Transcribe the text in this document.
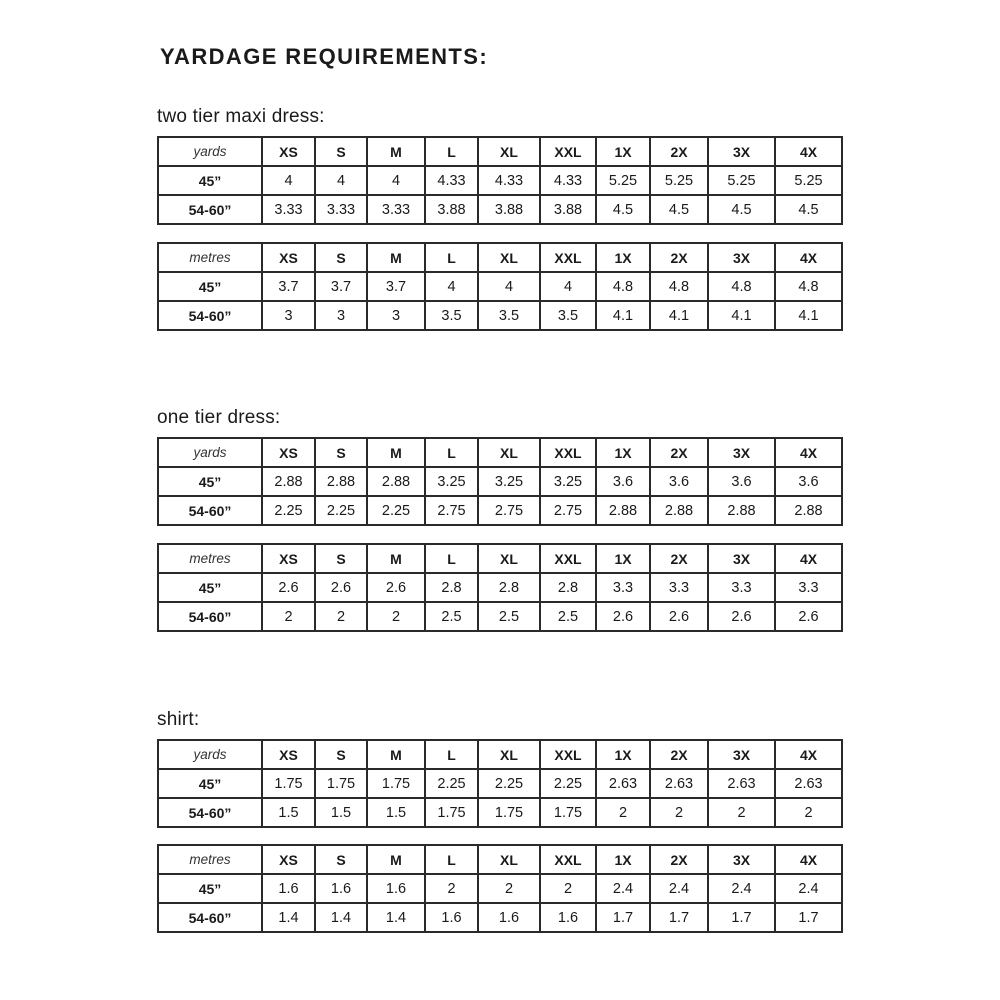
YARDAGE REQUIREMENTS:
two tier maxi dress:
yards	XS	S	M	L	XL	XXL	1X	2X	3X	4X
45”	4	4	4	4.33	4.33	4.33	5.25	5.25	5.25	5.25
54-60”	3.33	3.33	3.33	3.88	3.88	3.88	4.5	4.5	4.5	4.5
metres	XS	S	M	L	XL	XXL	1X	2X	3X	4X
45”	3.7	3.7	3.7	4	4	4	4.8	4.8	4.8	4.8
54-60”	3	3	3	3.5	3.5	3.5	4.1	4.1	4.1	4.1
one tier dress:
yards	XS	S	M	L	XL	XXL	1X	2X	3X	4X
45”	2.88	2.88	2.88	3.25	3.25	3.25	3.6	3.6	3.6	3.6
54-60”	2.25	2.25	2.25	2.75	2.75	2.75	2.88	2.88	2.88	2.88
metres	XS	S	M	L	XL	XXL	1X	2X	3X	4X
45”	2.6	2.6	2.6	2.8	2.8	2.8	3.3	3.3	3.3	3.3
54-60”	2	2	2	2.5	2.5	2.5	2.6	2.6	2.6	2.6
shirt:
yards	XS	S	M	L	XL	XXL	1X	2X	3X	4X
45”	1.75	1.75	1.75	2.25	2.25	2.25	2.63	2.63	2.63	2.63
54-60”	1.5	1.5	1.5	1.75	1.75	1.75	2	2	2	2
metres	XS	S	M	L	XL	XXL	1X	2X	3X	4X
45”	1.6	1.6	1.6	2	2	2	2.4	2.4	2.4	2.4
54-60”	1.4	1.4	1.4	1.6	1.6	1.6	1.7	1.7	1.7	1.7
